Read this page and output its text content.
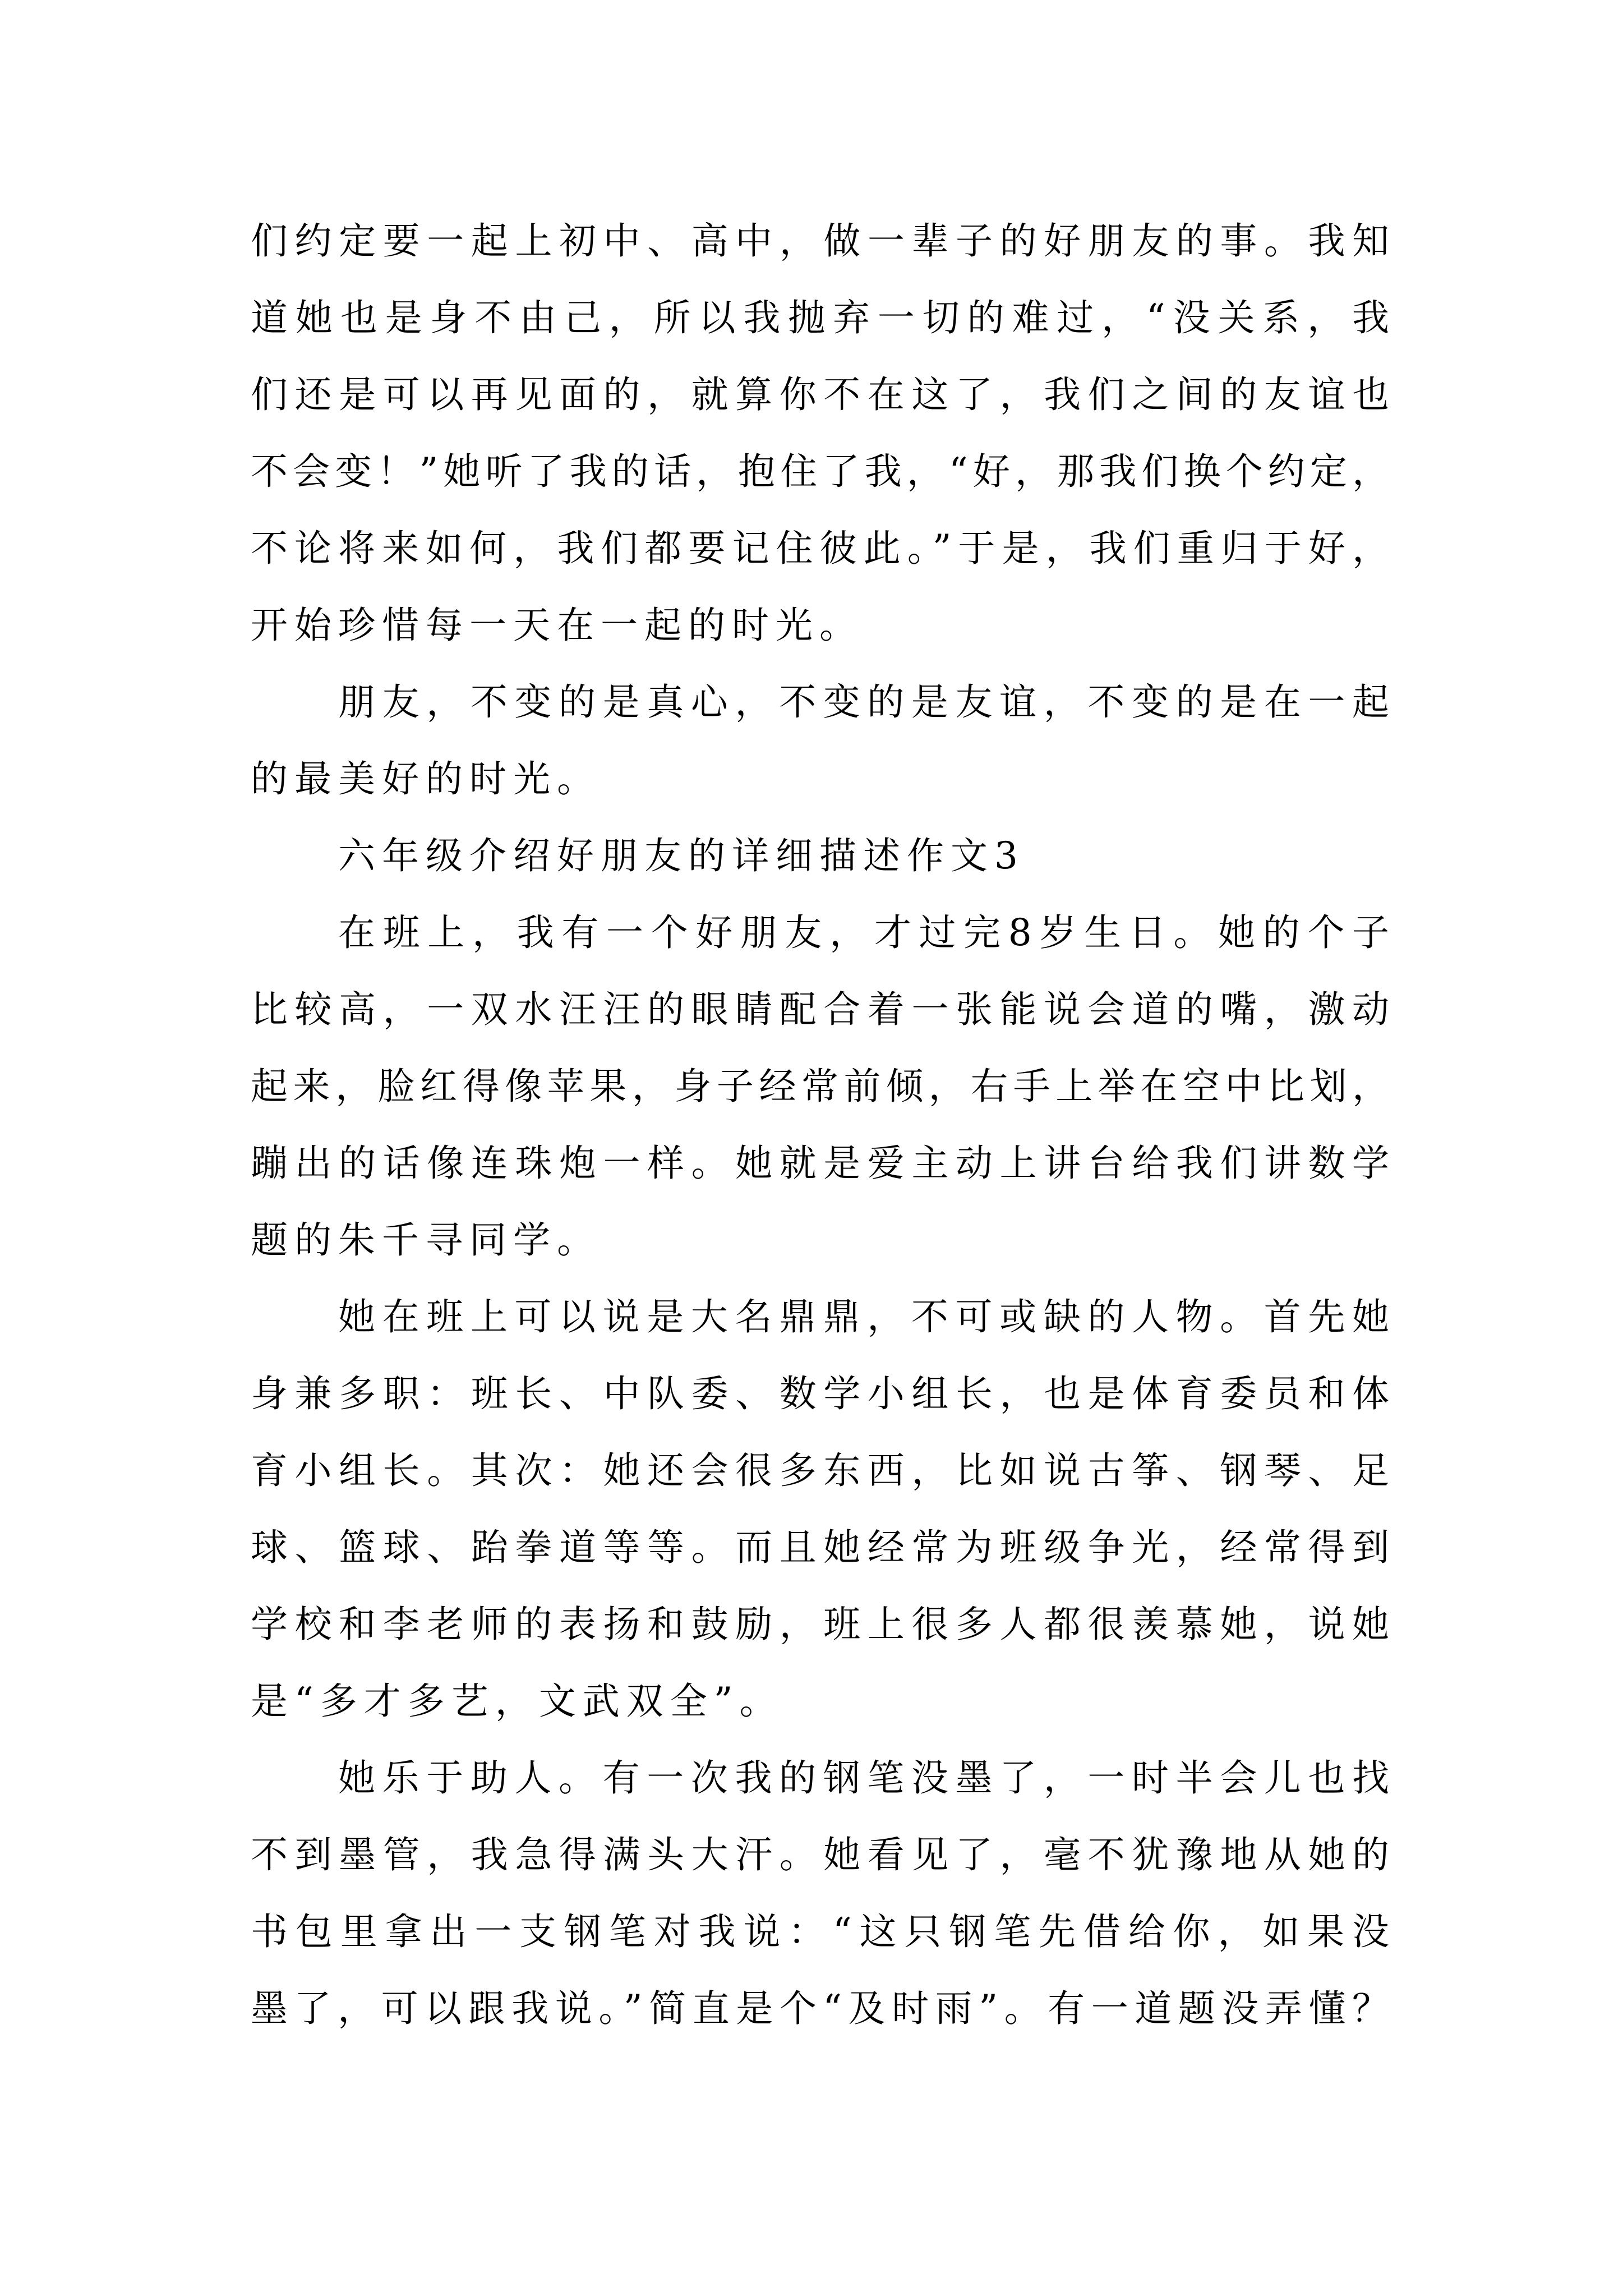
们约定要一起上初中、高中，做一辈子的好朋友的事。我知
道她也是身不由己，所以我抛弃一切的难过，“没关系，我
们还是可以再见面的，就算你不在这了，我们之间的友谊也
不会变！”她听了我的话，抱住了我，“好，那我们换个约定，
不论将来如何，我们都要记住彼此。”于是，我们重归于好，
开始珍惜每一天在一起的时光。
朋友，不变的是真心，不变的是友谊，不变的是在一起
的最美好的时光。
六年级介绍好朋友的详细描述作文3
在班上，我有一个好朋友，才过完8岁生日。她的个子
比较高，一双水汪汪的眼睛配合着一张能说会道的嘴，激动
起来，脸红得像苹果，身子经常前倾，右手上举在空中比划，
蹦出的话像连珠炮一样。她就是爱主动上讲台给我们讲数学
题的朱千寻同学。
她在班上可以说是大名鼎鼎，不可或缺的人物。首先她
身兼多职：班长、中队委、数学小组长，也是体育委员和体
育小组长。其次：她还会很多东西，比如说古筝、钢琴、足
球、篮球、跆拳道等等。而且她经常为班级争光，经常得到
学校和李老师的表扬和鼓励，班上很多人都很羡慕她，说她
是“多才多艺，文武双全”。
她乐于助人。有一次我的钢笔没墨了，一时半会儿也找
不到墨管，我急得满头大汗。她看见了，毫不犹豫地从她的
书包里拿出一支钢笔对我说：“这只钢笔先借给你，如果没
墨了，可以跟我说。”简直是个“及时雨”。有一道题没弄懂？
